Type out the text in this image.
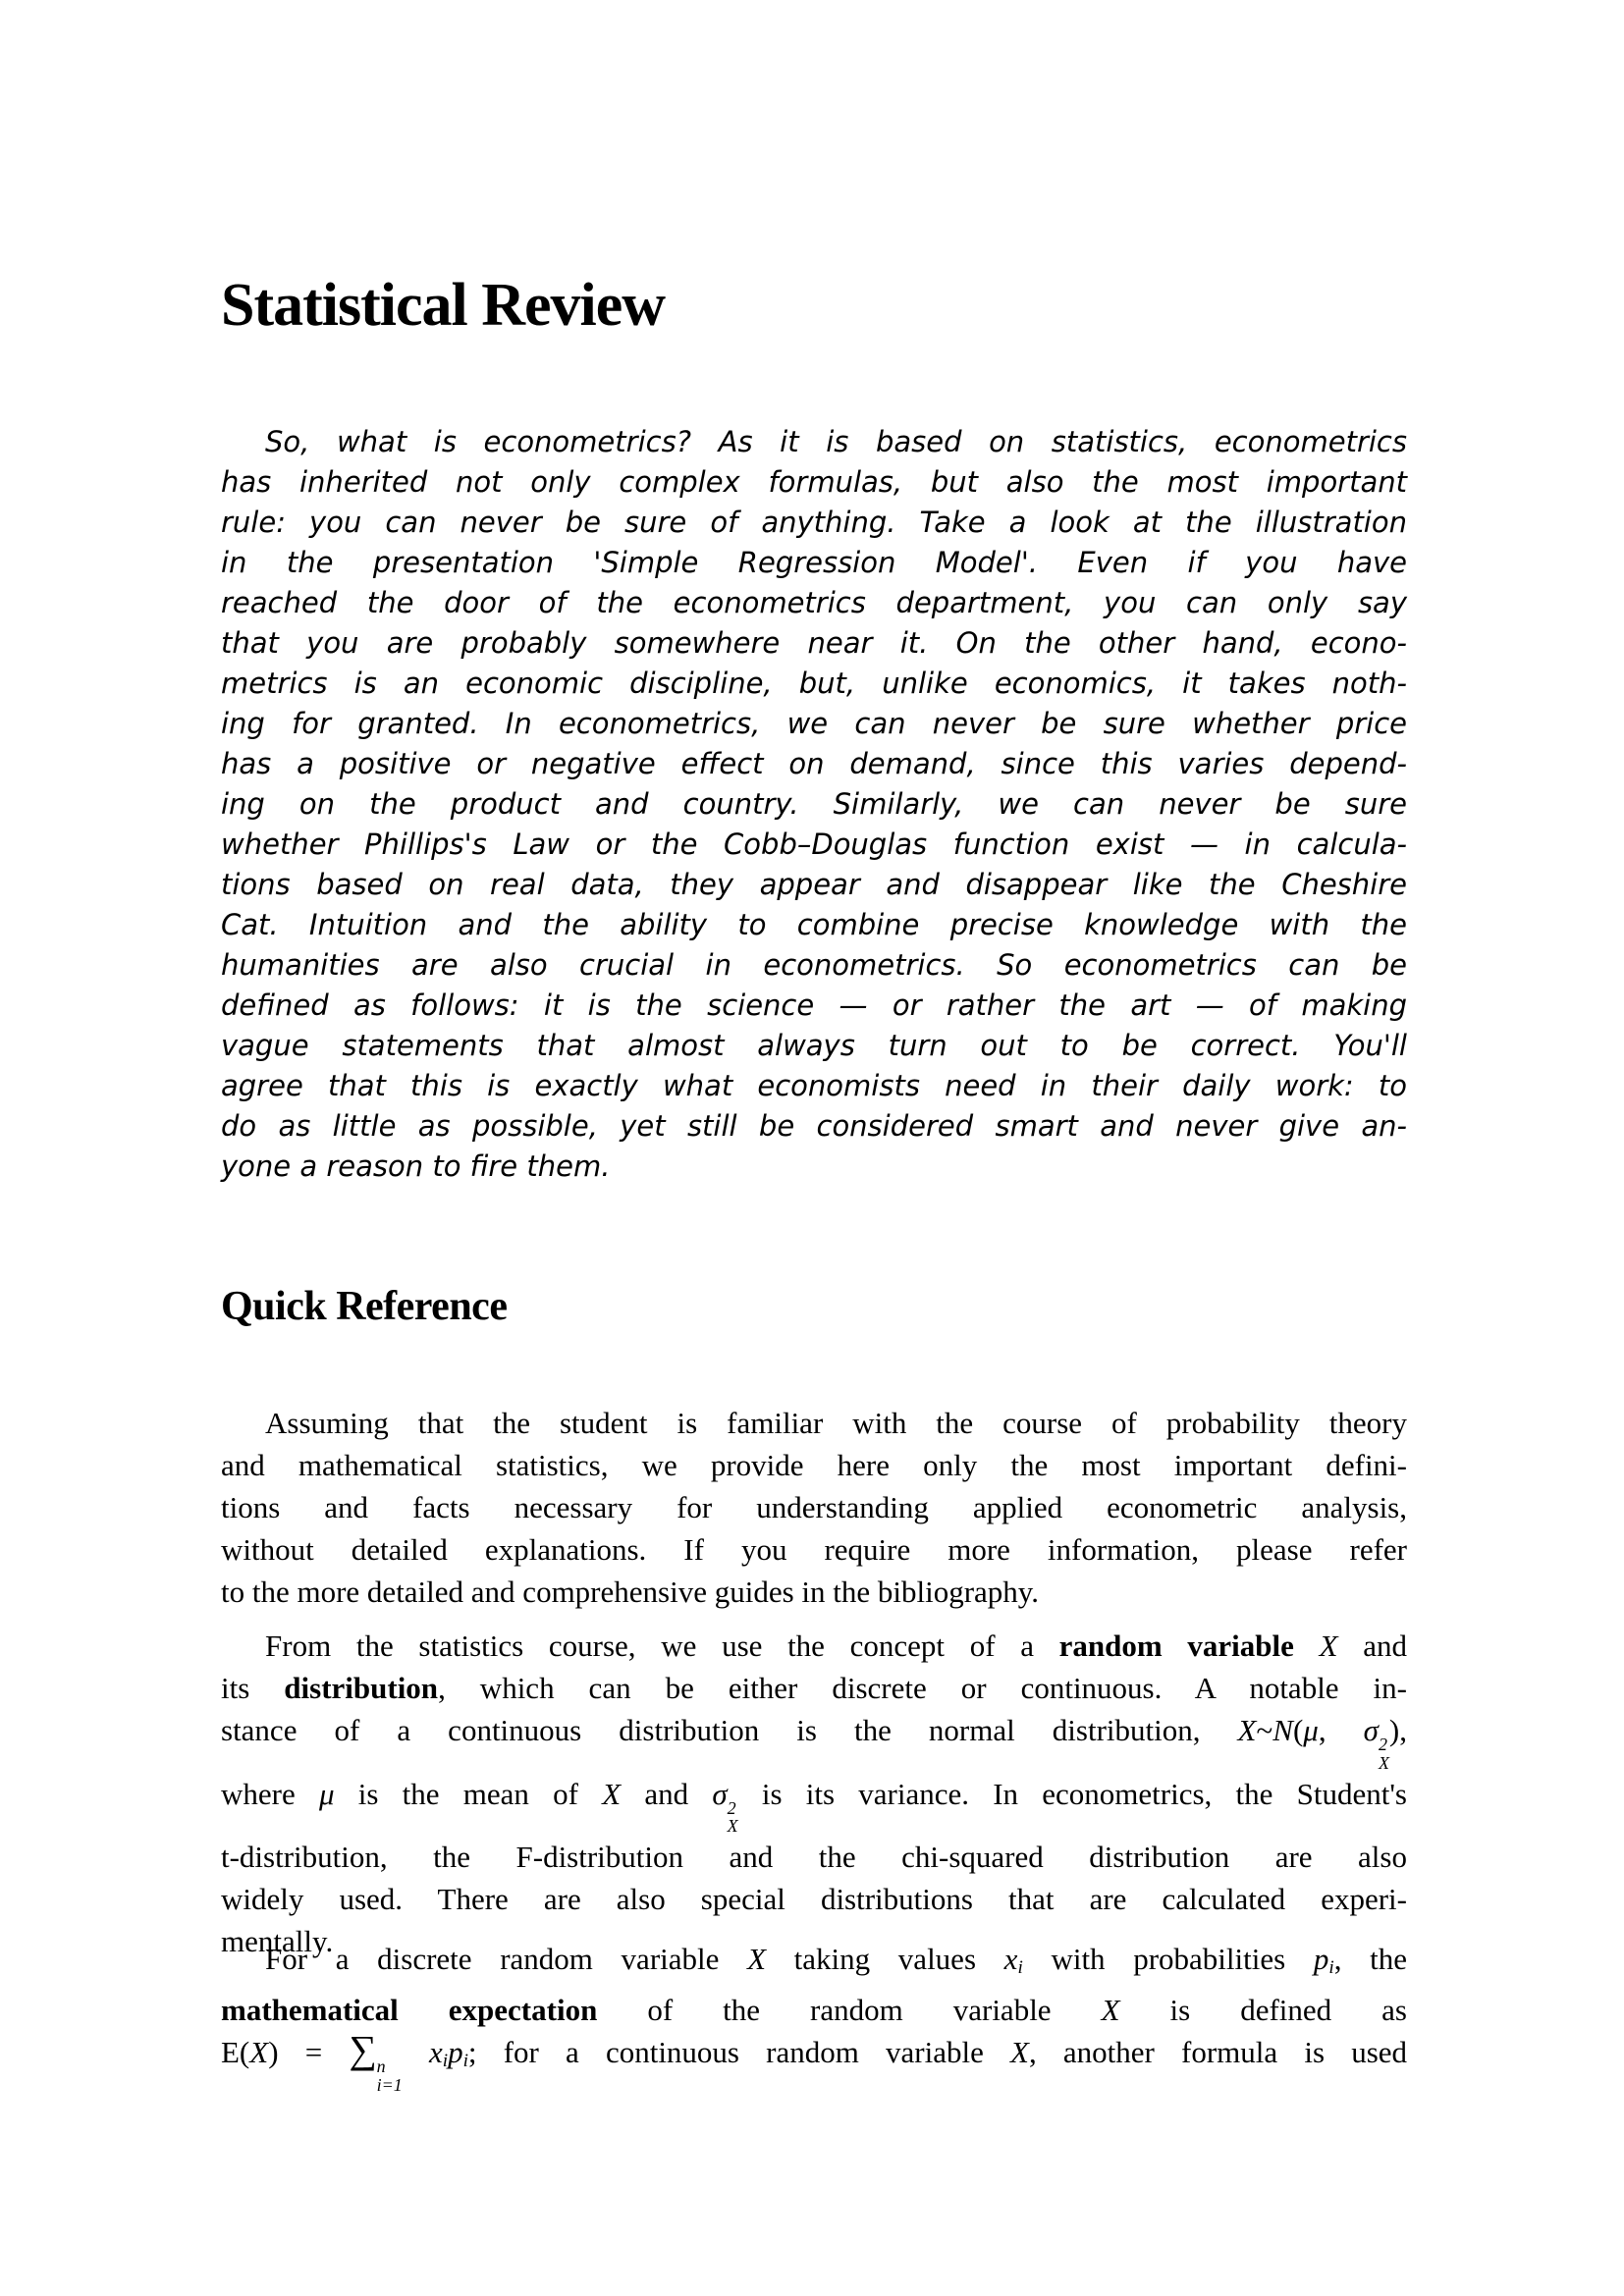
Statistical Review
So, what is econometrics? As it is based on statistics, econometrics
has inherited not only complex formulas, but also the most important
rule: you can never be sure of anything. Take a look at the illustration
in the presentation 'Simple Regression Model'. Even if you have
reached the door of the econometrics department, you can only say
that you are probably somewhere near it. On the other hand, econo-
metrics is an economic discipline, but, unlike economics, it takes noth-
ing for granted. In econometrics, we can never be sure whether price
has a positive or negative effect on demand, since this varies depend-
ing on the product and country. Similarly, we can never be sure
whether Phillips's Law or the Cobb–Douglas function exist — in calcula-
tions based on real data, they appear and disappear like the Cheshire
Cat. Intuition and the ability to combine precise knowledge with the
humanities are also crucial in econometrics. So econometrics can be
defined as follows: it is the science — or rather the art — of making
vague statements that almost always turn out to be correct. You'll
agree that this is exactly what economists need in their daily work: to
do as little as possible, yet still be considered smart and never give an-
yone a reason to fire them.
Quick Reference
Assuming that the student is familiar with the course of probability theory
and mathematical statistics, we provide here only the most important defini-
tions and facts necessary for understanding applied econometric analysis,
without detailed explanations. If you require more information, please refer
to the more detailed and comprehensive guides in the bibliography.
From the statistics course, we use the concept of a random variable X and
its distribution, which can be either discrete or continuous. A notable in-
stance of a continuous distribution is the normal distribution, X~N(μ, σ 2
X
),
where μ is the mean of X and σ 2
X
is its variance. In econometrics, the Student's
t-distribution, the F-distribution and the chi-squared distribution are also
widely used. There are also special distributions that are calculated experi-
mentally.
For a discrete random variable X taking values xi with probabilities pi, the
mathematical expectation of the random variable X is defined as
E(X) = ∑ n
i=1
xipi; for a continuous random variable X, another formula is used
